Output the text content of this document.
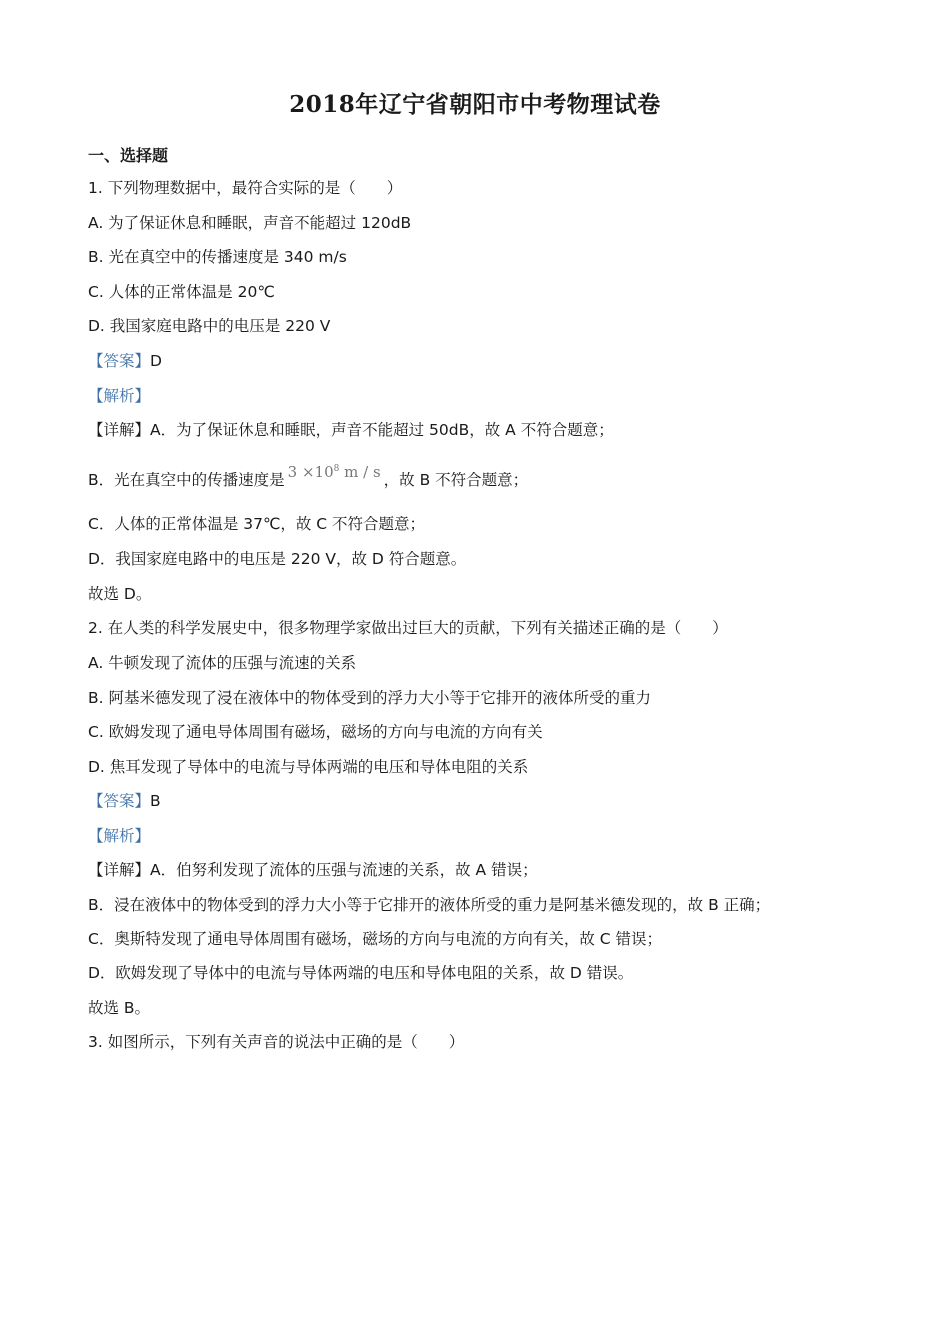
2018年辽宁省朝阳市中考物理试卷
一、选择题
1. 下列物理数据中，最符合实际的是（　　）
A. 为了保证休息和睡眠，声音不能超过 120dB
B. 光在真空中的传播速度是 340 m/s
C. 人体的正常体温是 20℃
D. 我国家庭电路中的电压是 220 V
【答案】D
【解析】
【详解】A．为了保证休息和睡眠，声音不能超过 50dB，故 A 不符合题意；
B．光在真空中的传播速度是 $3 \times 10^8$ m / s ，故 B 不符合题意；
C．人体的正常体温是 37℃，故 C 不符合题意；
D．我国家庭电路中的电压是 220 V，故 D 符合题意。
故选 D。
2. 在人类的科学发展史中，很多物理学家做出过巨大的贡献，下列有关描述正确的是（　　）
A. 牛顿发现了流体的压强与流速的关系
B. 阿基米德发现了浸在液体中的物体受到的浮力大小等于它排开的液体所受的重力
C. 欧姆发现了通电导体周围有磁场，磁场的方向与电流的方向有关
D. 焦耳发现了导体中的电流与导体两端的电压和导体电阻的关系
【答案】B
【解析】
【详解】A．伯努利发现了流体的压强与流速的关系，故 A 错误；
B．浸在液体中的物体受到的浮力大小等于它排开的液体所受的重力是阿基米德发现的，故 B 正确；
C．奥斯特发现了通电导体周围有磁场，磁场的方向与电流的方向有关，故 C 错误；
D．欧姆发现了导体中的电流与导体两端的电压和导体电阻的关系，故 D 错误。
故选 B。
3. 如图所示，下列有关声音的说法中正确的是（　　）
